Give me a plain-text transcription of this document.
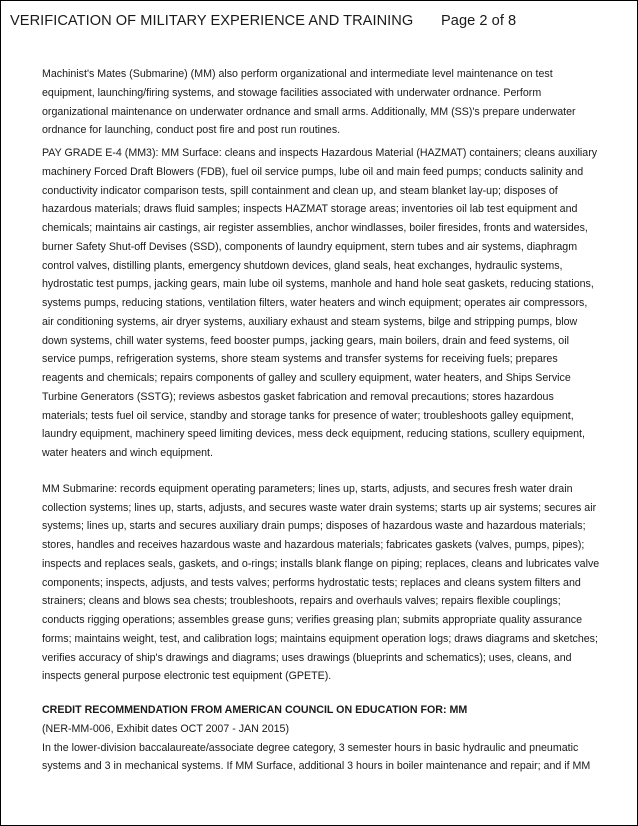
VERIFICATION OF MILITARY EXPERIENCE AND TRAINING Page 2 of 8

Machinist's Mates (Submarine) (MM) also perform organizational and intermediate level maintenance on test equipment, launching/firing systems, and stowage facilities associated with underwater ordnance. Perform organizational maintenance on underwater ordnance and small arms. Additionally, MM (SS)'s prepare underwater ordnance for launching, conduct post fire and post run routines.

PAY GRADE E-4 (MM3): MM Surface: cleans and inspects Hazardous Material (HAZMAT) containers; cleans auxiliary machinery Forced Draft Blowers (FDB), fuel oil service pumps, lube oil and main feed pumps; conducts salinity and conductivity indicator comparison tests, spill containment and clean up, and steam blanket lay-up; disposes of hazardous materials; draws fluid samples; inspects HAZMAT storage areas; inventories oil lab test equipment and chemicals; maintains air castings, air register assemblies, anchor windlasses, boiler firesides, fronts and watersides, burner Safety Shut-off Devises (SSD), components of laundry equipment, stern tubes and air systems, diaphragm control valves, distilling plants, emergency shutdown devices, gland seals, heat exchanges, hydraulic systems, hydrostatic test pumps, jacking gears, main lube oil systems, manhole and hand hole seat gaskets, reducing stations, systems pumps, reducing stations, ventilation filters, water heaters and winch equipment; operates air compressors, air conditioning systems, air dryer systems, auxiliary exhaust and steam systems, bilge and stripping pumps, blow down systems, chill water systems, feed booster pumps, jacking gears, main boilers, drain and feed systems, oil service pumps, refrigeration systems, shore steam systems and transfer systems for receiving fuels; prepares reagents and chemicals; repairs components of galley and scullery equipment, water heaters, and Ships Service Turbine Generators (SSTG); reviews asbestos gasket fabrication and removal precautions; stores hazardous materials; tests fuel oil service, standby and storage tanks for presence of water; troubleshoots galley equipment, laundry equipment, machinery speed limiting devices, mess deck equipment, reducing stations, scullery equipment, water heaters and winch equipment.

MM Submarine: records equipment operating parameters; lines up, starts, adjusts, and secures fresh water drain collection systems; lines up, starts, adjusts, and secures waste water drain systems; starts up air systems; secures air systems; lines up, starts and secures auxiliary drain pumps; disposes of hazardous waste and hazardous materials; stores, handles and receives hazardous waste and hazardous materials; fabricates gaskets (valves, pumps, pipes); inspects and replaces seals, gaskets, and o-rings; installs blank flange on piping; replaces, cleans and lubricates valve components; inspects, adjusts, and tests valves; performs hydrostatic tests; replaces and cleans system filters and strainers; cleans and blows sea chests; troubleshoots, repairs and overhauls valves; repairs flexible couplings; conducts rigging operations; assembles grease guns; verifies greasing plan; submits appropriate quality assurance forms; maintains weight, test, and calibration logs; maintains equipment operation logs; draws diagrams and sketches; verifies accuracy of ship's drawings and diagrams; uses drawings (blueprints and schematics); uses, cleans, and inspects general purpose electronic test equipment (GPETE).

CREDIT RECOMMENDATION FROM AMERICAN COUNCIL ON EDUCATION FOR: MM

(NER-MM-006, Exhibit dates OCT 2007 - JAN 2015)

In the lower-division baccalaureate/associate degree category, 3 semester hours in basic hydraulic and pneumatic systems and 3 in mechanical systems. If MM Surface, additional 3 hours in boiler maintenance and repair; and if MM
